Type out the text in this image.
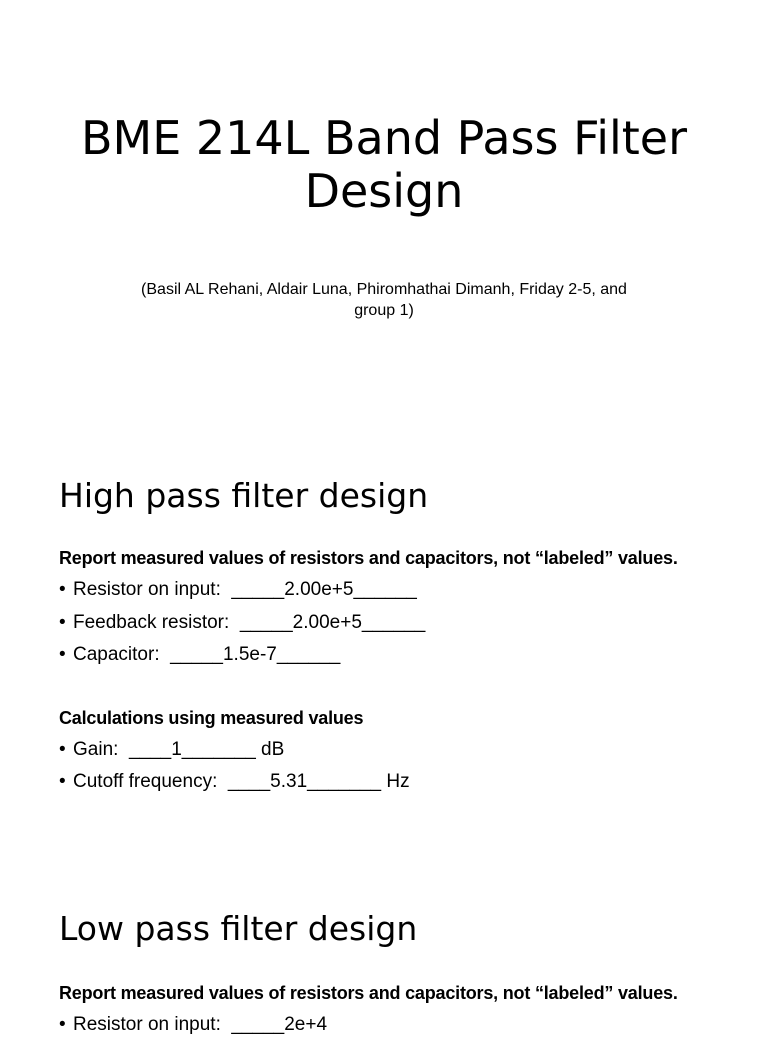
BME 214L Band Pass Filter
Design
(Basil AL Rehani, Aldair Luna, Phiromhathai Dimanh, Friday 2-5, and
group 1)
High pass filter design

Report measured values of resistors and capacitors, not “labeled” values.

• Resistor on input:  _____2.00e+5______
• Feedback resistor:  _____2.00e+5______
• Capacitor:  _____1.5e-7______

Calculations using measured values

• Gain:  ____1_______ dB
• Cutoff frequency:  ____5.31_______ Hz
Low pass filter design

Report measured values of resistors and capacitors, not “labeled” values.

• Resistor on input:  _____2e+4
